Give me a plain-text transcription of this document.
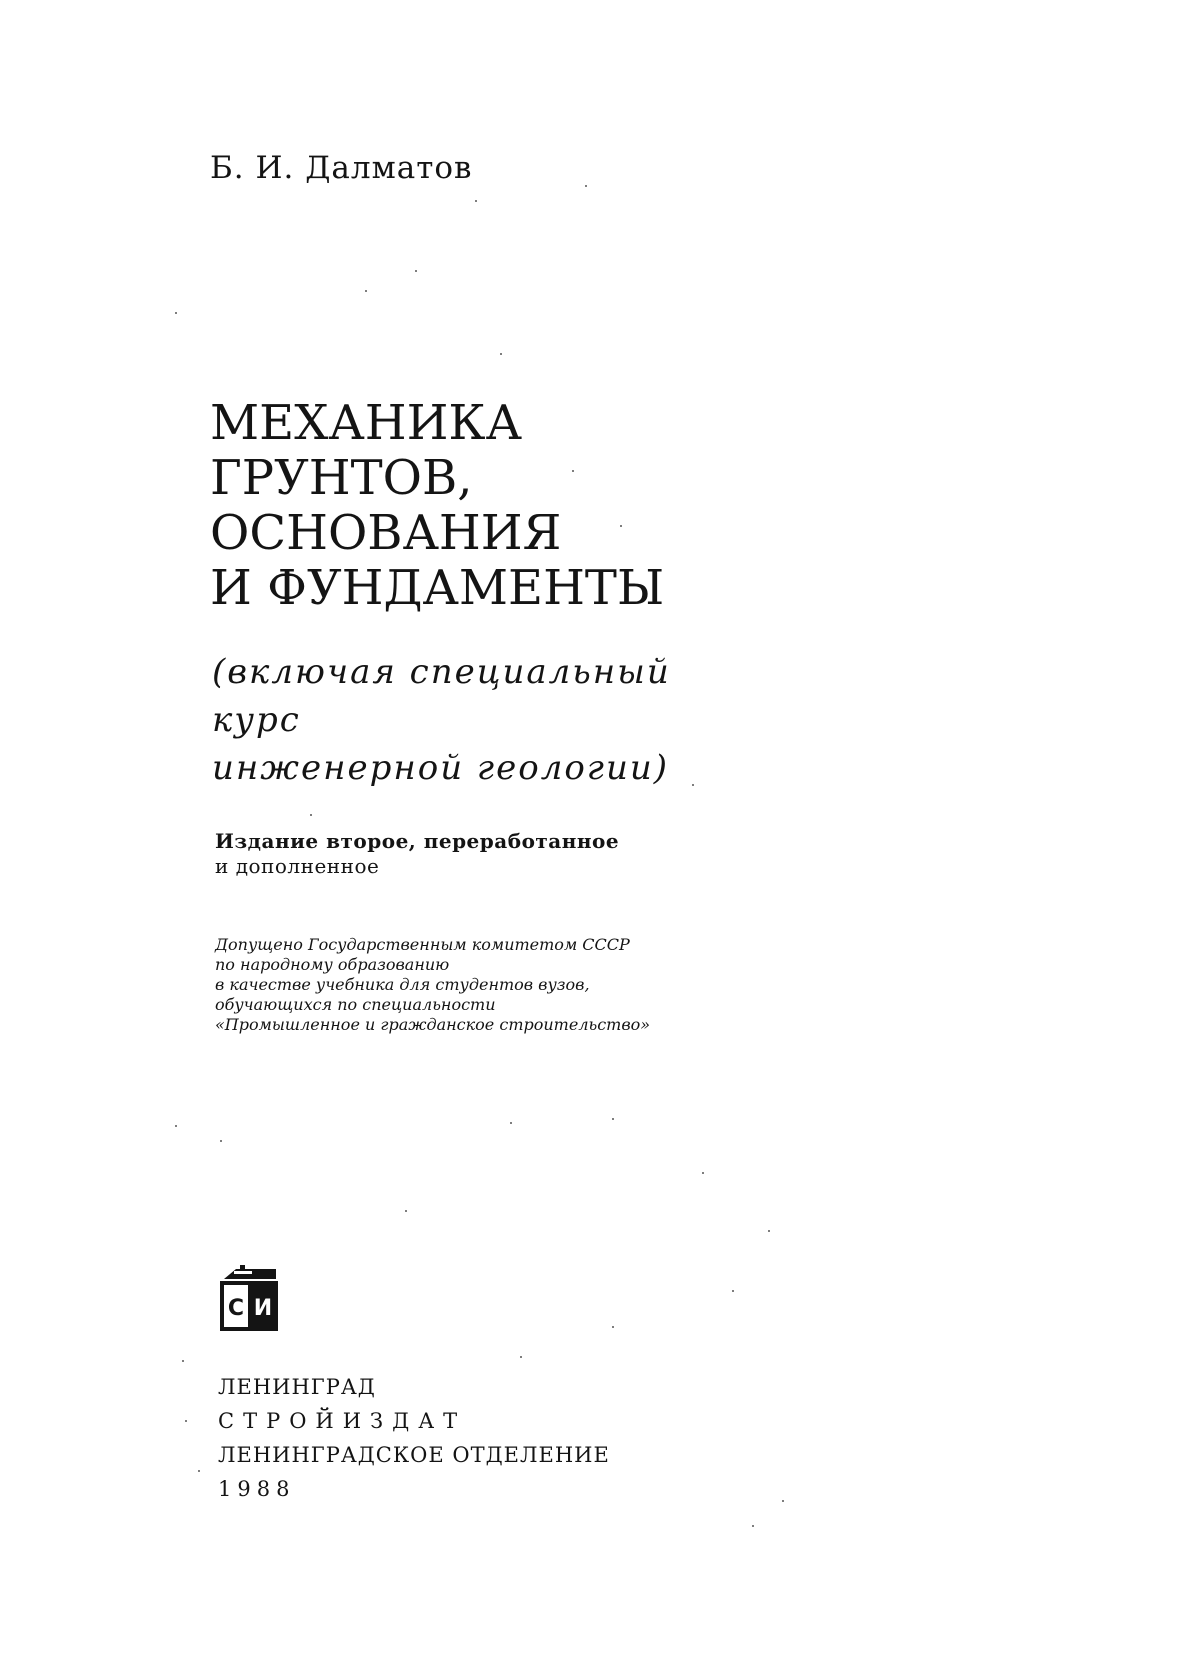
Б. И. Далматов
МЕХАНИКА
ГРУНТОВ,
ОСНОВАНИЯ
И ФУНДАМЕНТЫ
(включая специальный
курс
инженерной геологии)
Издание второе, переработанное
и дополненное
Допущено Государственным комитетом СССР
по народному образованию
в качестве учебника для студентов вузов,
обучающихся по специальности
«Промышленное и гражданское строительство»
С И
ЛЕНИНГРАД
СТРОЙИЗДАТ
ЛЕНИНГРАДСКОЕ ОТДЕЛЕНИЕ
1988
